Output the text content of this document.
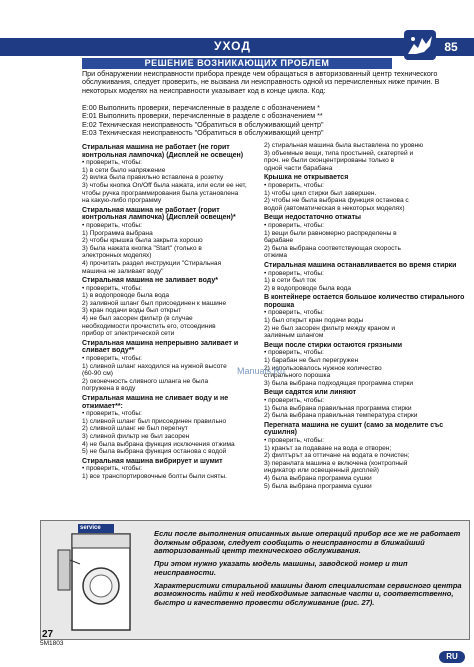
УХОД	85
РЕШЕНИЕ ВОЗНИКАЮЩИХ ПРОБЛЕМ

При обнаружении неисправности прибора прежде чем обращаться в авторизованный центр технического обслуживания, следует проверить, не вызвана ли неисправность одной из перечисленных ниже причин. В некоторых моделях на неисправности указывает код в конце цикла. Код:

E:00 Выполнить проверки, перечисленные в разделе с обозначением *
E:01 Выполнить проверки, перечисленные в разделе с обозначением **
E:02 Техническая неисправность "Обратиться в обслуживающий центр"
E:03 Техническая неисправность "Обратиться в обслуживающий центр"
Стиральная машина не работает (не горит контрольная лампочка) (Дисплей не освещен)
• проверить, чтобы:
1) в сети было напряжение
2) вилка была правильно вставлена в розетку
3) чтобы кнопка On/Off была нажата, или если ее нет,
чтобы ручка программирования была установлена
на какую-либо программу
Стиральная машина не работает (горит контрольная лампочка) (Дисплей освещен)*
• проверить, чтобы:
1) Программа выбрана
2) чтобы крышка была закрыта хорошо
3) была нажата кнопка "Start" (только в
электронных моделях)
4) прочитать раздел инструкции "Стиральная
машина не заливает воду"
Стиральная машина не заливает воду*
• проверить, чтобы:
1) в водопроводе была вода
2) заливной шланг был присоединен к машине
3) кран подачи воды был открыт
4) не был засорен фильтр (в случае
необходимости прочистить его, отсоединив
прибор от электрической сети
Стиральная машина непрерывно заливает и сливает воду**
• проверить, чтобы:
1) сливной шланг находился на нужной высоте
(60-90 см)
2) оконечность сливного шланга не была
погружена в воду
Стиральная машина не сливает воду и не отжимает**:
• проверить, чтобы:
1) сливной шланг был присоединен правильно
2) сливной шланг не был перегнут
3) сливной фильтр не был засорен
4) не была выбрана функция исключения отжима
5) не была выбрана функция останова с водой
Стиральная машина вибрирует и шумит
• проверить, чтобы:
1) все транспортировочные болты были сняты.
2) стиральная машина была выставлена по уровню
3) объемные вещи, типа простыней, скатертей и
проч. не были сконцентрированы только в
одной части барабана
Крышка не открывается
• проверить, чтобы:
1) чтобы цикл стирки был завершен.
2) чтобы не была выбрана функция останова с
водой (автоматическая в некоторых моделях)
Вещи недостаточно отжаты
• проверить, чтобы:
1) вещи были равномерно распределены в
барабане
2) была выбрана соответствующая скорость
отжима
Стиральная машина останавливается во время стирки
• проверить, чтобы:
1) в сети был ток
2) в водопроводе была вода
В контейнере остается большое количество стирального порошка
• проверить, чтобы:
1) был открыт кран подачи воды
2) не был засорен фильтр между краном и
заливным шлангом
Вещи после стирки остаются грязными
• проверить, чтобы:
1) барабан не был перегружен
2) использовалось нужное количество
стирального порошка
3) была выбрана подходящая программа стирки
Вещи садятся или линяют
• проверить, чтобы:
1) была выбрана правильная программа стирки
2) была выбрана правильная температура стирки
Перегната машина не сушит (само за моделите със сушилня)
• проверить, чтобы:
1) кранът за подаване на вода е отворен;
2) филтърът за оттичане на водата е почистен;
3) перанлата машина е включена (контролный
индикатор или освещенный дисплей)
4) была выбрана программа сушки
5) была выбрана программа сушки
Manuals.Ru
service
27

Если после выполнения описанных выше операций прибор все же не работает должным образом, следует сообщить о неисправности в ближайший авторизованный центр технического обслуживания.

При этом нужно указать модель машины, заводской номер и тип неисправности.

Характеристики стиральной машины дают специалистам сервисного центра возможность найти к ней необходимые запасные части и, соответственно, быстро и качественно провести обслуживание (рис. 27).

5M1803
RU
